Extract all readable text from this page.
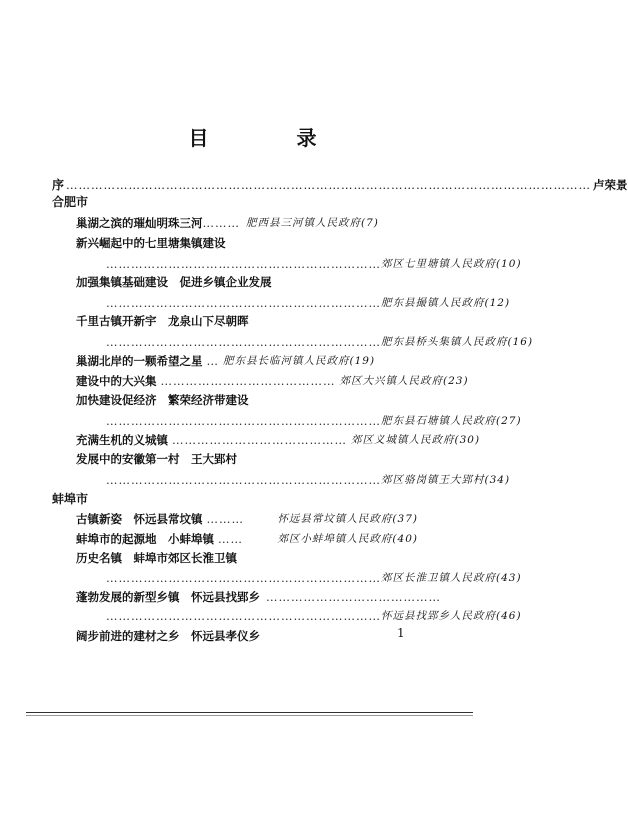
目　录
序 ……………………………………………………………………………………………………………… 卢荣景
合肥市
巢湖之滨的璀灿明珠三河 ……… 肥西县三河镇人民政府(7)
新兴崛起中的七里塘集镇建设
………………………………………………………… 郊区七里塘镇人民政府(10)
加强集镇基础建设　促进乡镇企业发展
………………………………………………………… 肥东县撮镇人民政府(12)
千里古镇开新宇　龙泉山下尽朝晖
………………………………………………………… 肥东县桥头集镇人民政府(16)
巢湖北岸的一颗希望之星 … 肥东县长临河镇人民政府(19)
建设中的大兴集 …………………………………… 郊区大兴镇人民政府(23)
加快建设促经济　繁荣经济带建设
………………………………………………………… 肥东县石塘镇人民政府(27)
充满生机的义城镇 …………………………………… 郊区义城镇人民政府(30)
发展中的安徽第一村　王大郢村
………………………………………………………… 郊区骆岗镇王大郢村(34)
蚌埠市
古镇新姿　怀远县常坟镇 ………	怀远县常坟镇人民政府(37)
蚌埠市的起源地　小蚌埠镇 ……	郊区小蚌埠镇人民政府(40)
历史名镇　蚌埠市郊区长淮卫镇
………………………………………………………… 郊区长淮卫镇人民政府(43)
蓬勃发展的新型乡镇　怀远县找郢乡 ……………………………………
………………………………………………………… 怀远县找郢乡人民政府(46)
阔步前进的建材之乡　怀远县孝仪乡	1
